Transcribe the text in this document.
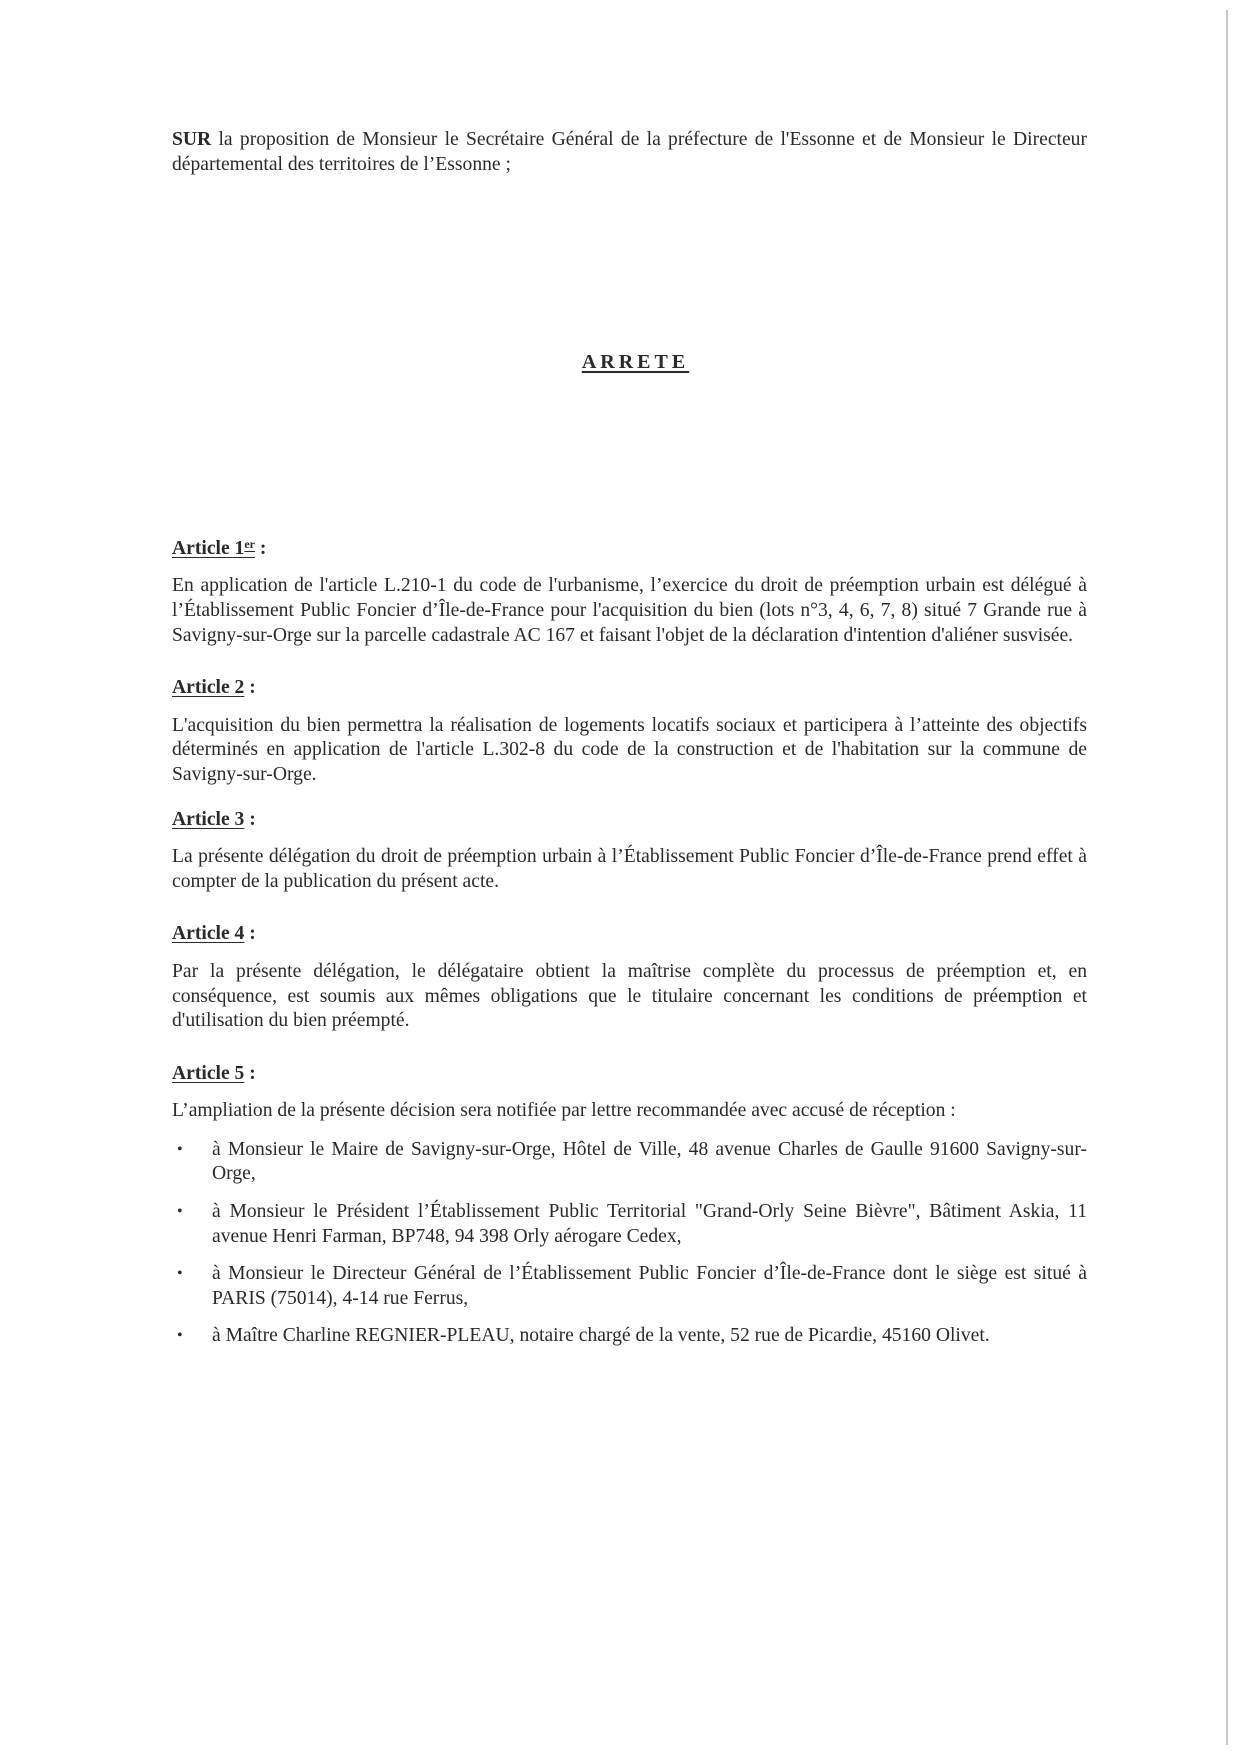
SUR la proposition de Monsieur le Secrétaire Général de la préfecture de l'Essonne et de Monsieur le Directeur départemental des territoires de l’Essonne ;

ARRETE
Article 1er :

En application de l'article L.210-1 du code de l'urbanisme, l’exercice du droit de préemption urbain est délégué à l’Établissement Public Foncier d’Île-de-France pour l'acquisition du bien (lots n°3, 4, 6, 7, 8) situé 7 Grande rue à Savigny-sur-Orge sur la parcelle cadastrale AC 167 et faisant l'objet de la déclaration d'intention d'aliéner susvisée.

Article 2 :

L'acquisition du bien permettra la réalisation de logements locatifs sociaux et participera à l’atteinte des objectifs déterminés en application de l'article L.302-8 du code de la construction et de l'habitation sur la commune de Savigny-sur-Orge.

Article 3 :

La présente délégation du droit de préemption urbain à l’Établissement Public Foncier d’Île-de-France prend effet à compter de la publication du présent acte.

Article 4 :

Par la présente délégation, le délégataire obtient la maîtrise complète du processus de préemption et, en conséquence, est soumis aux mêmes obligations que le titulaire concernant les conditions de préemption et d'utilisation du bien préempté.

Article 5 :

L’ampliation de la présente décision sera notifiée par lettre recommandée avec accusé de réception :

• à Monsieur le Maire de Savigny-sur-Orge, Hôtel de Ville, 48 avenue Charles de Gaulle 91600 Savigny-sur-Orge,
• à Monsieur le Président l’Établissement Public Territorial "Grand-Orly Seine Bièvre", Bâtiment Askia, 11 avenue Henri Farman, BP748, 94 398 Orly aérogare Cedex,
• à Monsieur le Directeur Général de l’Établissement Public Foncier d’Île-de-France dont le siège est situé à PARIS (75014), 4-14 rue Ferrus,
• à Maître Charline REGNIER-PLEAU, notaire chargé de la vente, 52 rue de Picardie, 45160 Olivet.
